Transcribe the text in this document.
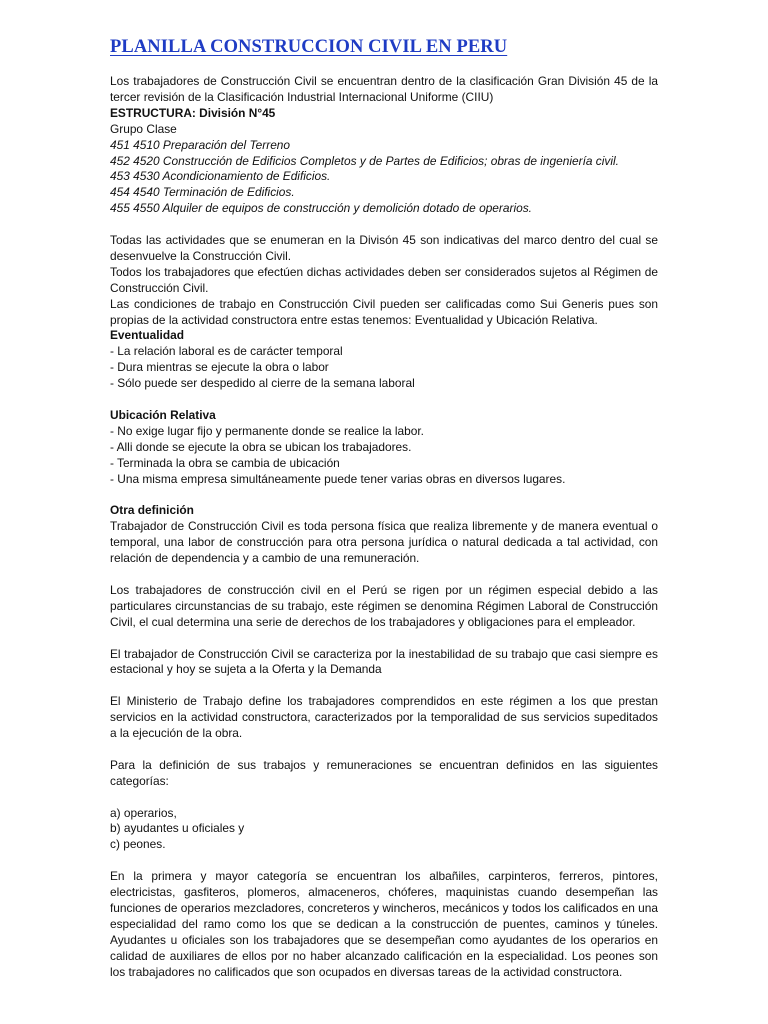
PLANILLA CONSTRUCCION CIVIL EN PERU

Los trabajadores de Construcción Civil se encuentran dentro de la clasificación Gran División 45 de la tercer revisión de la Clasificación Industrial Internacional Uniforme (CIIU)

ESTRUCTURA: División N°45

Grupo Clase

451 4510 Preparación del Terreno

452 4520 Construcción de Edificios Completos y de Partes de Edificios; obras de ingeniería civil.

453 4530 Acondicionamiento de Edificios.

454 4540 Terminación de Edificios.

455 4550 Alquiler de equipos de construcción y demolición dotado de operarios.

Todas las actividades que se enumeran en la Divisón 45 son indicativas del marco dentro del cual se desenvuelve la Construcción Civil.

Todos los trabajadores que efectúen dichas actividades deben ser considerados sujetos al Régimen de Construcción Civil.

Las condiciones de trabajo en Construcción Civil pueden ser calificadas como Sui Generis pues son propias de la actividad constructora entre estas tenemos: Eventualidad y Ubicación Relativa.

Eventualidad

- La relación laboral es de carácter temporal

- Dura mientras se ejecute la obra o labor

- Sólo puede ser despedido al cierre de la semana laboral

Ubicación Relativa

- No exige lugar fijo y permanente donde se realice la labor.

- Alli donde se ejecute la obra se ubican los trabajadores.

- Terminada la obra se cambia de ubicación

- Una misma empresa simultáneamente puede tener varias obras en diversos lugares.

Otra definición

Trabajador de Construcción Civil es toda persona física que realiza libremente y de manera eventual o temporal, una labor de construcción para otra persona jurídica o natural dedicada a tal actividad, con relación de dependencia y a cambio de una remuneración.

Los trabajadores de construcción civil en el Perú se rigen por un régimen especial debido a las particulares circunstancias de su trabajo, este régimen se denomina Régimen Laboral de Construcción Civil, el cual determina una serie de derechos de los trabajadores y obligaciones para el empleador.

El trabajador de Construcción Civil se caracteriza por la inestabilidad de su trabajo que casi siempre es estacional y hoy se sujeta a la Oferta y la Demanda

El Ministerio de Trabajo define los trabajadores comprendidos en este régimen a los que prestan servicios en la actividad constructora, caracterizados por la temporalidad de sus servicios supeditados a la ejecución de la obra.

Para la definición de sus trabajos y remuneraciones se encuentran definidos en las siguientes categorías:

a) operarios,

b) ayudantes u oficiales y

c) peones.

En la primera y mayor categoría se encuentran los albañiles, carpinteros, ferreros, pintores, electricistas, gasfiteros, plomeros, almaceneros, chóferes, maquinistas cuando desempeñan las funciones de operarios mezcladores, concreteros y wincheros, mecánicos y todos los calificados en una especialidad del ramo como los que se dedican a la construcción de puentes, caminos y túneles. Ayudantes u oficiales son los trabajadores que se desempeñan como ayudantes de los operarios en calidad de auxiliares de ellos por no haber alcanzado calificación en la especialidad. Los peones son los trabajadores no calificados que son ocupados en diversas tareas de la actividad constructora.
